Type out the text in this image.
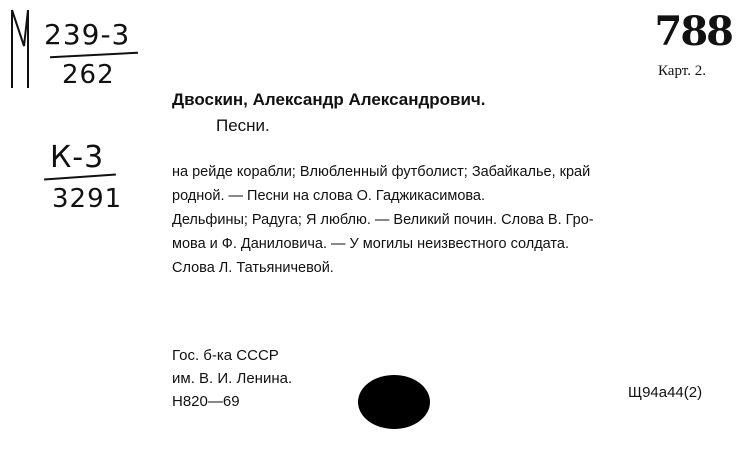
239-3
262
К-3
3291
788
Карт. 2.
Двоскин, Александр Александрович.
Песни.
на рейде корабли; Влюбленный футболист; Забайкалье, край
родной. — Песни на слова О. Гаджикасимова.
Дельфины; Радуга; Я люблю. — Великий почин. Слова В. Гро-
мова и Ф. Даниловича. — У могилы неизвестного солдата.
Слова Л. Татьяничевой.
Гос. б-ка СССР
им. В. И. Ленина.
Н820—69
Щ94а44(2)
